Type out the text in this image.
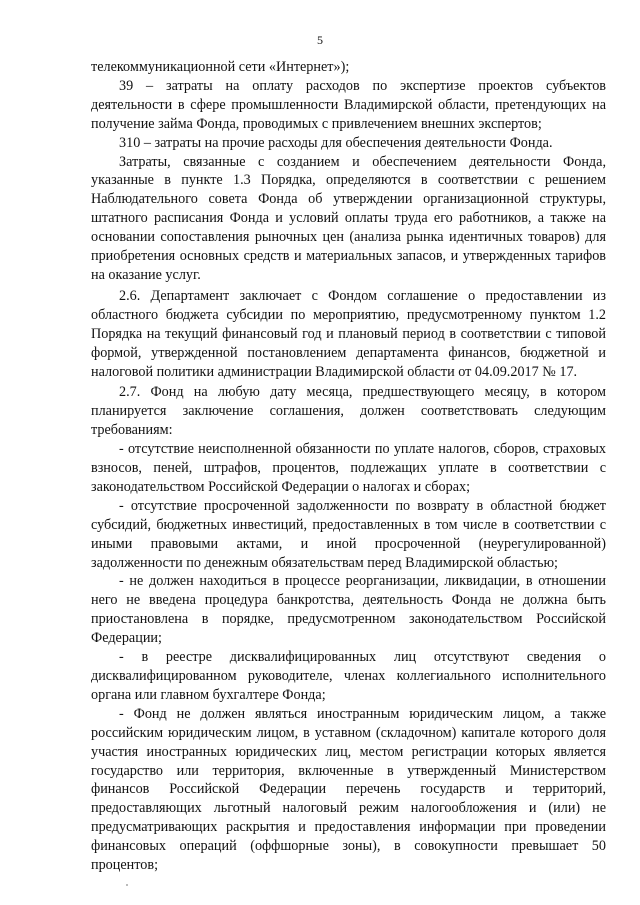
5

телекоммуникационной сети «Интернет»);

39 – затраты на оплату расходов по экспертизе проектов субъектов деятельности в сфере промышленности Владимирской области, претендующих на получение займа Фонда, проводимых с привлечением внешних экспертов;

310 – затраты на прочие расходы для обеспечения деятельности Фонда.

Затраты, связанные с созданием и обеспечением деятельности Фонда, указанные в пункте 1.3 Порядка, определяются в соответствии с решением Наблюдательного совета Фонда об утверждении организационной структуры, штатного расписания Фонда и условий оплаты труда его работников, а также на основании сопоставления рыночных цен (анализа рынка идентичных товаров) для приобретения основных средств и материальных запасов, и утвержденных тарифов на оказание услуг.

2.6. Департамент заключает с Фондом соглашение о предоставлении из областного бюджета субсидии по мероприятию, предусмотренному пунктом 1.2 Порядка на текущий финансовый год и плановый период в соответствии с типовой формой, утвержденной постановлением департамента финансов, бюджетной и налоговой политики администрации Владимирской области от 04.09.2017 № 17.

2.7. Фонд на любую дату месяца, предшествующего месяцу, в котором планируется заключение соглашения, должен соответствовать следующим требованиям:

- отсутствие неисполненной обязанности по уплате налогов, сборов, страховых взносов, пеней, штрафов, процентов, подлежащих уплате в соответствии с законодательством Российской Федерации о налогах и сборах;

- отсутствие просроченной задолженности по возврату в областной бюджет субсидий, бюджетных инвестиций, предоставленных в том числе в соответствии с иными правовыми актами, и иной просроченной (неурегулированной) задолженности по денежным обязательствам перед Владимирской областью;

- не должен находиться в процессе реорганизации, ликвидации, в отношении него не введена процедура банкротства, деятельность Фонда не должна быть приостановлена в порядке, предусмотренном законодательством Российской Федерации;

- в реестре дисквалифицированных лиц отсутствуют сведения о дисквалифицированном руководителе, членах коллегиального исполнительного органа или главном бухгалтере Фонда;

- Фонд не должен являться иностранным юридическим лицом, а также российским юридическим лицом, в уставном (складочном) капитале которого доля участия иностранных юридических лиц, местом регистрации которых является государство или территория, включенные в утвержденный Министерством финансов Российской Федерации перечень государств и территорий, предоставляющих льготный налоговый режим налогообложения и (или) не предусматривающих раскрытия и предоставления информации при проведении финансовых операций (оффшорные зоны), в совокупности превышает 50 процентов;
